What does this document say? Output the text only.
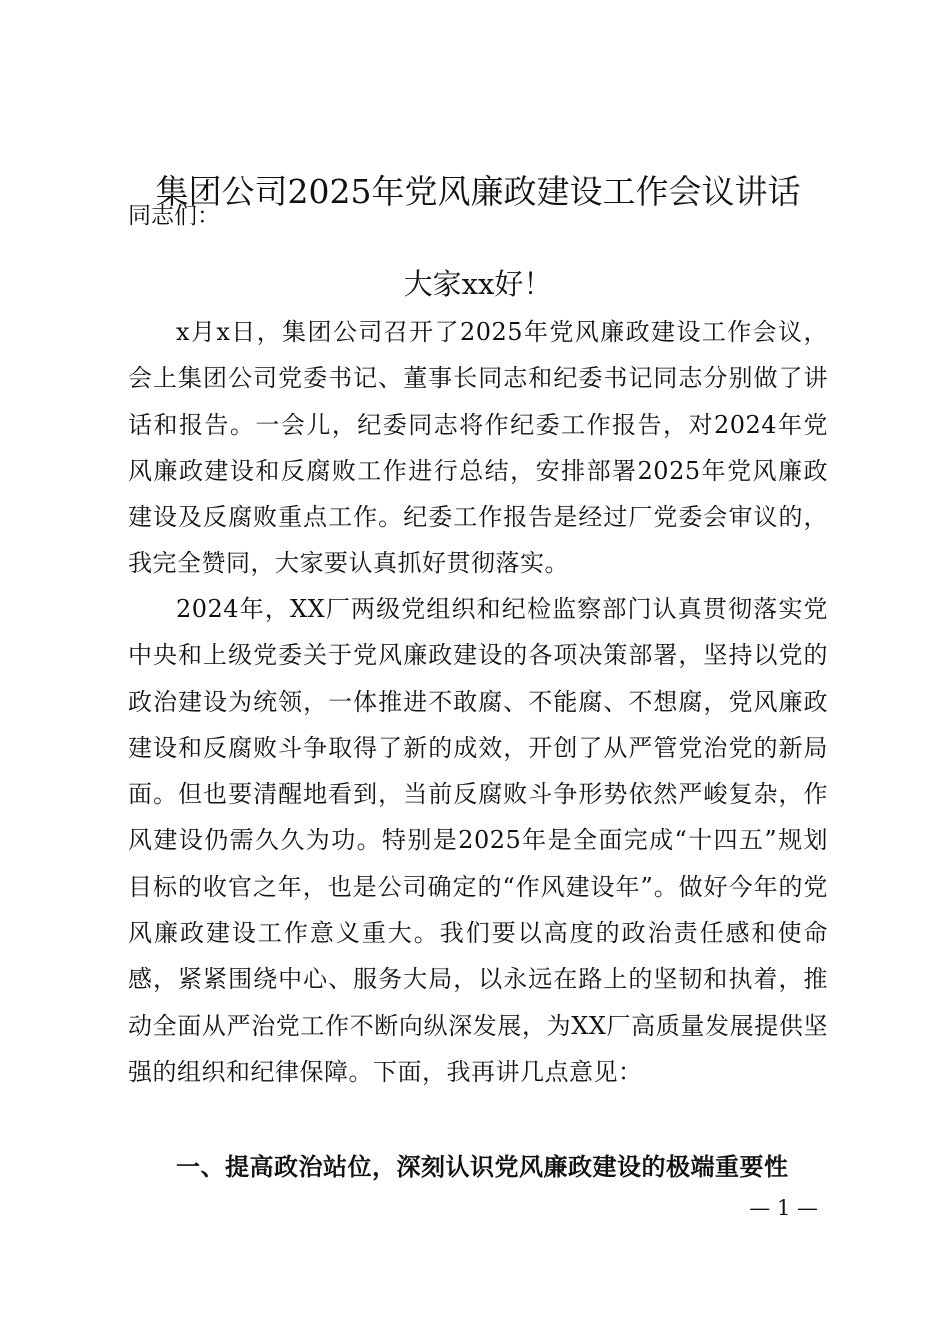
集团公司2025年党风廉政建设工作会议讲话

同志们：

大家xx好！

x月x日，集团公司召开了2025年党风廉政建设工作会议，会上集团公司党委书记、董事长同志和纪委书记同志分别做了讲话和报告。一会儿，纪委同志将作纪委工作报告，对2024年党风廉政建设和反腐败工作进行总结，安排部署2025年党风廉政建设及反腐败重点工作。纪委工作报告是经过厂党委会审议的，我完全赞同，大家要认真抓好贯彻落实。

2024年，XX厂两级党组织和纪检监察部门认真贯彻落实党中央和上级党委关于党风廉政建设的各项决策部署，坚持以党的政治建设为统领，一体推进不敢腐、不能腐、不想腐，党风廉政建设和反腐败斗争取得了新的成效，开创了从严管党治党的新局面。但也要清醒地看到，当前反腐败斗争形势依然严峻复杂，作风建设仍需久久为功。特别是2025年是全面完成“十四五”规划目标的收官之年，也是公司确定的“作风建设年”。做好今年的党风廉政建设工作意义重大。我们要以高度的政治责任感和使命感，紧紧围绕中心、服务大局，以永远在路上的坚韧和执着，推动全面从严治党工作不断向纵深发展，为XX厂高质量发展提供坚强的组织和纪律保障。下面，我再讲几点意见：

一、提高政治站位，深刻认识党风廉政建设的极端重要性

— 1 —
